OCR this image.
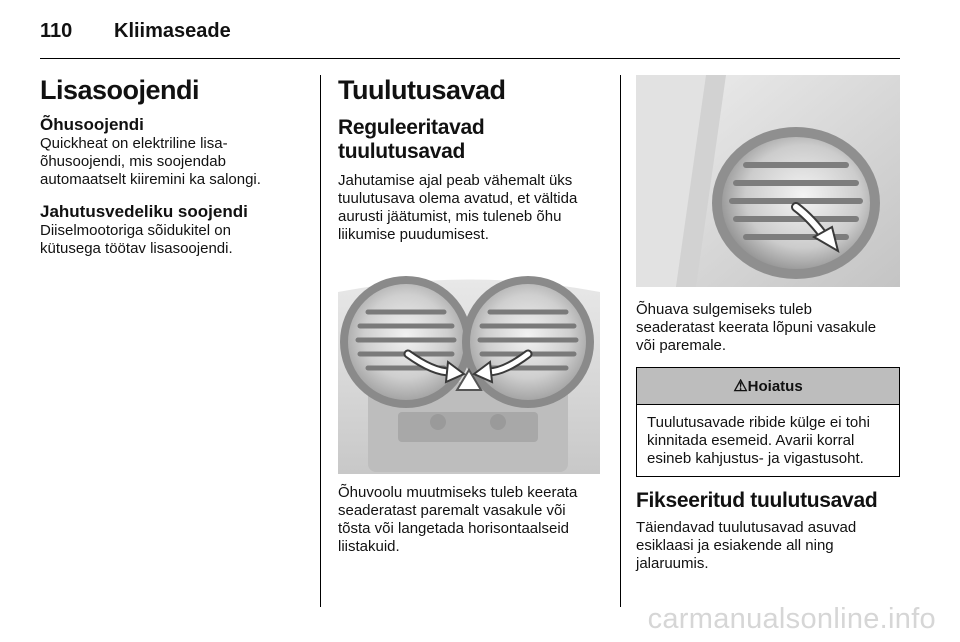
110 Kliimaseade
Lisasoojendi
Õhusoojendi
Quickheat on elektriline lisa-
õhusoojendi, mis soojendab
automaatselt kiiremini ka salongi.
Jahutusvedeliku soojendi
Diiselmootoriga sõidukitel on
kütusega töötav lisasoojendi.
Tuulutusavad
Reguleeritavad
tuulutusavad
Jahutamise ajal peab vähemalt üks
tuulutusava olema avatud, et vältida
aurusti jäätumist, mis tuleneb õhu
liikumise puudumisest.
Õhuvoolu muutmiseks tuleb keerata
seaderatast paremalt vasakule või
tõsta või langetada horisontaalseid
liistakuid.
Õhuava sulgemiseks tuleb
seaderatast keerata lõpuni vasakule
või paremale.
⚠Hoiatus
Tuulutusavade ribide külge ei tohi
kinnitada esemeid. Avarii korral
esineb kahjustus- ja vigastusoht.
Fikseeritud tuulutusavad
Täiendavad tuulutusavad asuvad
esiklaasi ja esiakende all ning
jalaruumis.
carmanualsonline.info
